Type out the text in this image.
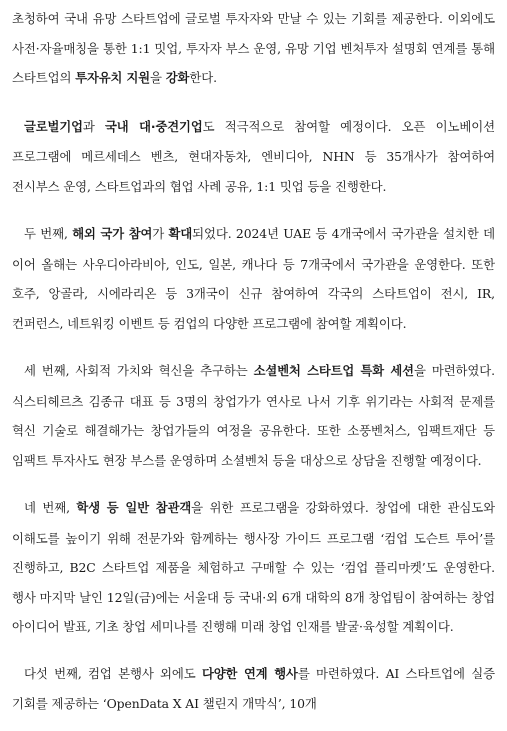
초청하여 국내 유망 스타트업에 글로벌 투자자와 만날 수 있는 기회를 제공한다. 이외에도 사전·자율매칭을 통한 1:1 밋업, 투자자 부스 운영, 유망 기업 벤처투자 설명회 연계를 통해 스타트업의 투자유치 지원을 강화한다.

글로벌기업과 국내 대·중견기업도 적극적으로 참여할 예정이다. 오픈 이노베이션 프로그램에 메르세데스 벤츠, 현대자동차, 엔비디아, NHN 등 35개사가 참여하여 전시부스 운영, 스타트업과의 협업 사례 공유, 1:1 밋업 등을 진행한다.

두 번째, 해외 국가 참여가 확대되었다. 2024년 UAE 등 4개국에서 국가관을 설치한 데 이어 올해는 사우디아라비아, 인도, 일본, 캐나다 등 7개국에서 국가관을 운영한다. 또한 호주, 앙골라, 시에라리온 등 3개국이 신규 참여하여 각국의 스타트업이 전시, IR, 컨퍼런스, 네트워킹 이벤트 등 컴업의 다양한 프로그램에 참여할 계획이다.

세 번째, 사회적 가치와 혁신을 추구하는 소셜벤처 스타트업 특화 세션을 마련하였다. 식스티헤르츠 김종규 대표 등 3명의 창업가가 연사로 나서 기후 위기라는 사회적 문제를 혁신 기술로 해결해가는 창업가들의 여정을 공유한다. 또한 소풍벤처스, 임팩트재단 등 임팩트 투자사도 현장 부스를 운영하며 소셜벤처 등을 대상으로 상담을 진행할 예정이다.

네 번째, 학생 등 일반 참관객을 위한 프로그램을 강화하였다. 창업에 대한 관심도와 이해도를 높이기 위해 전문가와 함께하는 행사장 가이드 프로그램 ‘컴업 도슨트 투어’를 진행하고, B2C 스타트업 제품을 체험하고 구매할 수 있는 ‘컴업 플리마켓’도 운영한다. 행사 마지막 날인 12일(금)에는 서울대 등 국내·외 6개 대학의 8개 창업팀이 참여하는 창업 아이디어 발표, 기초 창업 세미나를 진행해 미래 창업 인재를 발굴·육성할 계획이다.

다섯 번째, 컴업 본행사 외에도 다양한 연계 행사를 마련하였다. AI 스타트업에 실증 기회를 제공하는 ‘OpenData X AI 챌린지 개막식’, 10개
